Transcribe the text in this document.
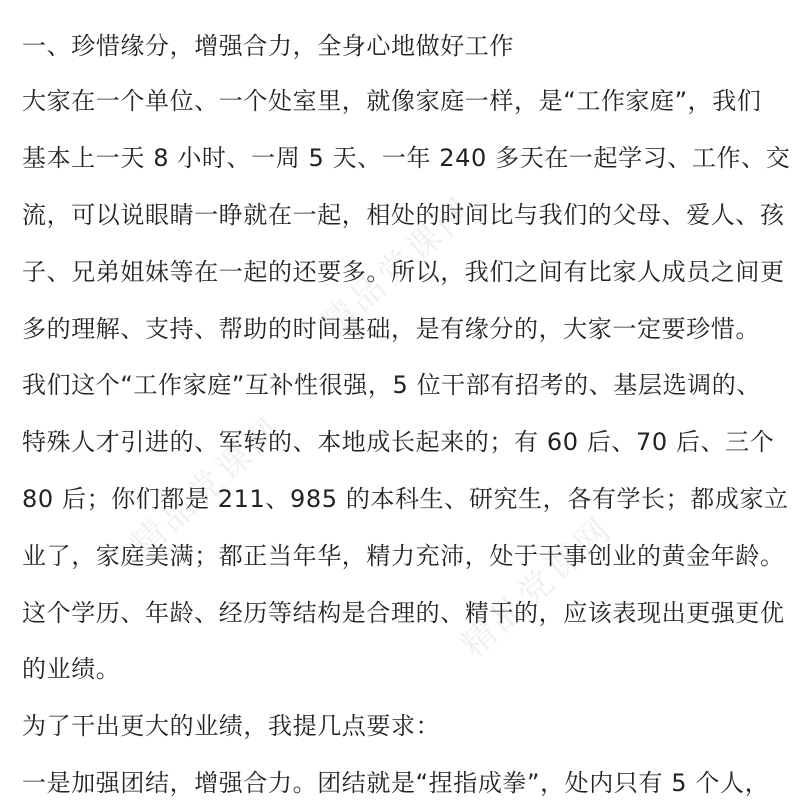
精品党课网
精品党课网
精品党课网
一、珍惜缘分，增强合力，全身心地做好工作
大家在一个单位、一个处室里，就像家庭一样，是“工作家庭”，我们
基本上一天 8 小时、一周 5 天、一年 240 多天在一起学习、工作、交
流，可以说眼睛一睁就在一起，相处的时间比与我们的父母、爱人、孩
子、兄弟姐妹等在一起的还要多。所以，我们之间有比家人成员之间更
多的理解、支持、帮助的时间基础，是有缘分的，大家一定要珍惜。
我们这个“工作家庭”互补性很强，5 位干部有招考的、基层选调的、
特殊人才引进的、军转的、本地成长起来的；有 60 后、70 后、三个
80 后；你们都是 211、985 的本科生、研究生，各有学长；都成家立
业了，家庭美满；都正当年华，精力充沛，处于干事创业的黄金年龄。
这个学历、年龄、经历等结构是合理的、精干的，应该表现出更强更优
的业绩。
为了干出更大的业绩，我提几点要求：
一是加强团结，增强合力。团结就是“捏指成拳”，处内只有 5 个人，
